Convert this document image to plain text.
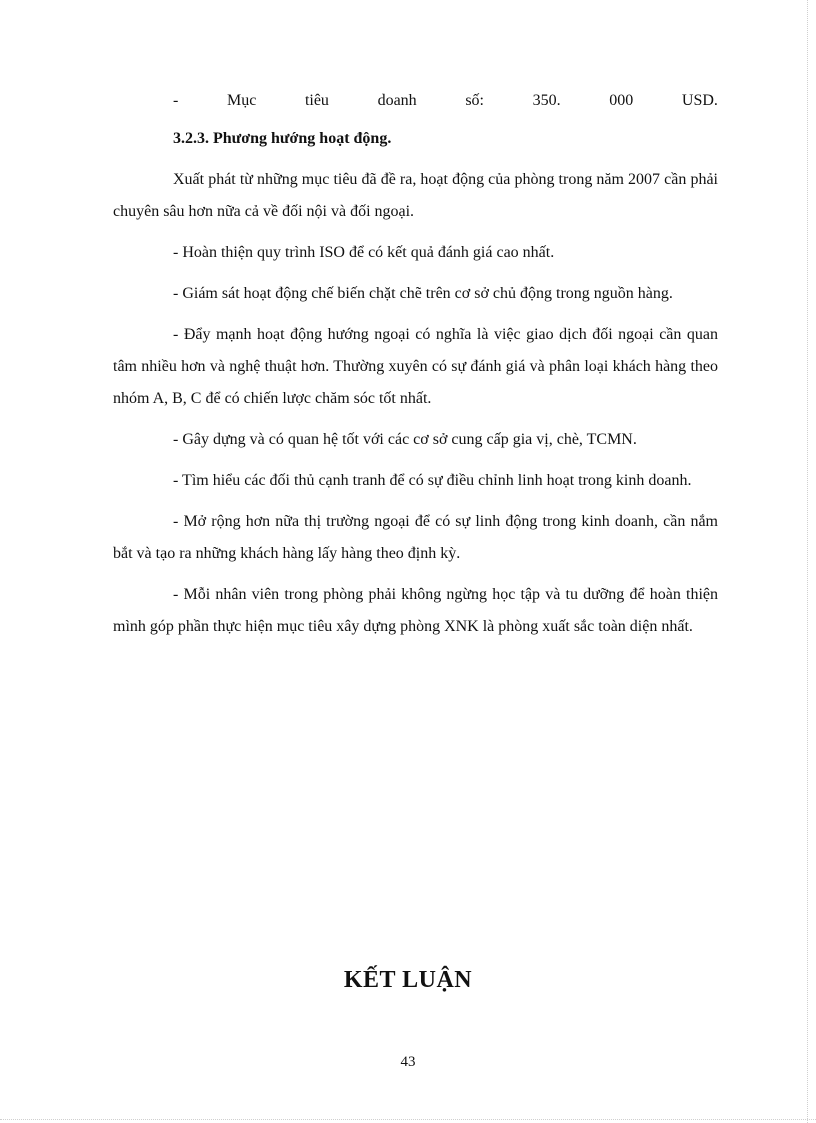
-	Mục	tiêu	doanh	số:	350.	000	USD.
3.2.3. Phương hướng hoạt động.

Xuất phát từ những mục tiêu đã đề ra, hoạt động của phòng trong năm 2007 cần phải chuyên sâu hơn nữa cả về đối nội và đối ngoại.

- Hoàn thiện quy trình ISO để có kết quả đánh giá cao nhất.

- Giám sát hoạt động chế biến chặt chẽ trên cơ sở chủ động trong nguồn hàng.

- Đẩy mạnh hoạt động hướng ngoại có nghĩa là việc giao dịch đối ngoại cần quan tâm nhiều hơn và nghệ thuật hơn. Thường xuyên có sự đánh giá và phân loại khách hàng theo nhóm A, B, C để có chiến lược chăm sóc tốt nhất.

- Gây dựng và có quan hệ tốt với các cơ sở cung cấp gia vị, chè, TCMN.

- Tìm hiểu các đối thủ cạnh tranh để có sự điều chỉnh linh hoạt trong kinh doanh.

- Mở rộng hơn nữa thị trường ngoại để có sự linh động trong kinh doanh, cần nắm bắt và tạo ra những khách hàng lấy hàng theo định kỳ.

- Mỗi nhân viên trong phòng phải không ngừng học tập và tu dưỡng để hoàn thiện mình góp phần thực hiện mục tiêu xây dựng phòng XNK là phòng xuất sắc toàn diện nhất.

KẾT LUẬN
43
